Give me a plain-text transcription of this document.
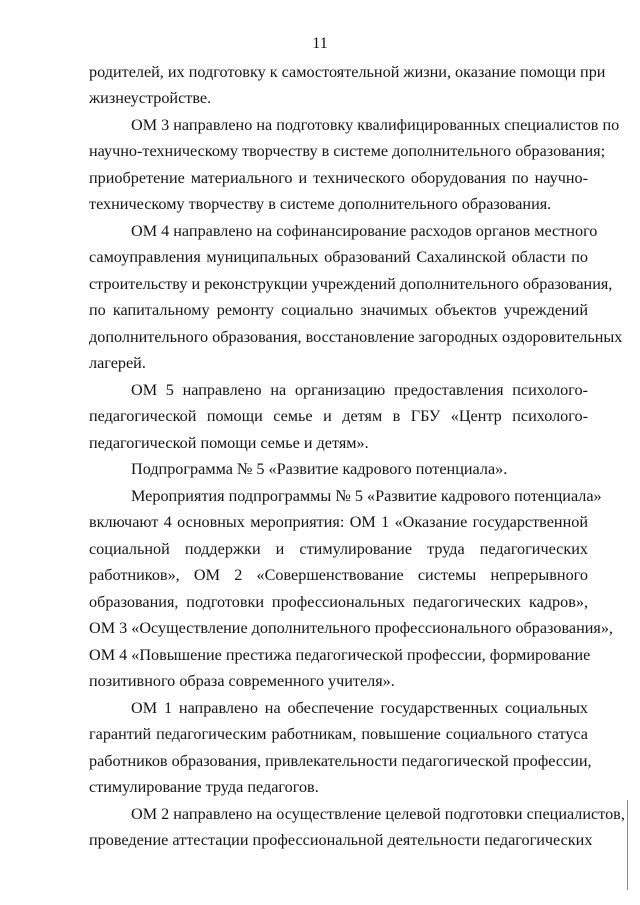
11
родителей, их подготовку к самостоятельной жизни, оказание помощи при
жизнеустройстве.
ОМ 3 направлено на подготовку квалифицированных специалистов по
научно-техническому творчеству в системе дополнительного образования;
приобретение материального и технического оборудования по научно-
техническому творчеству в системе дополнительного образования.
ОМ 4 направлено на софинансирование расходов органов местного
самоуправления муниципальных образований Сахалинской области по
строительству и реконструкции учреждений дополнительного образования,
по капитальному ремонту социально значимых объектов учреждений
дополнительного образования, восстановление загородных оздоровительных
лагерей.
ОМ 5 направлено на организацию предоставления психолого-
педагогической помощи семье и детям в ГБУ «Центр психолого-
педагогической помощи семье и детям».
Подпрограмма № 5 «Развитие кадрового потенциала».
Мероприятия подпрограммы № 5 «Развитие кадрового потенциала»
включают 4 основных мероприятия: ОМ 1 «Оказание государственной
социальной поддержки и стимулирование труда педагогических
работников», ОМ 2 «Совершенствование системы непрерывного
образования, подготовки профессиональных педагогических кадров»,
ОМ 3 «Осуществление дополнительного профессионального образования»,
ОМ 4 «Повышение престижа педагогической профессии, формирование
позитивного образа современного учителя».
ОМ 1 направлено на обеспечение государственных социальных
гарантий педагогическим работникам, повышение социального статуса
работников образования, привлекательности педагогической профессии,
стимулирование труда педагогов.
ОМ 2 направлено на осуществление целевой подготовки специалистов,
проведение аттестации профессиональной деятельности педагогических
